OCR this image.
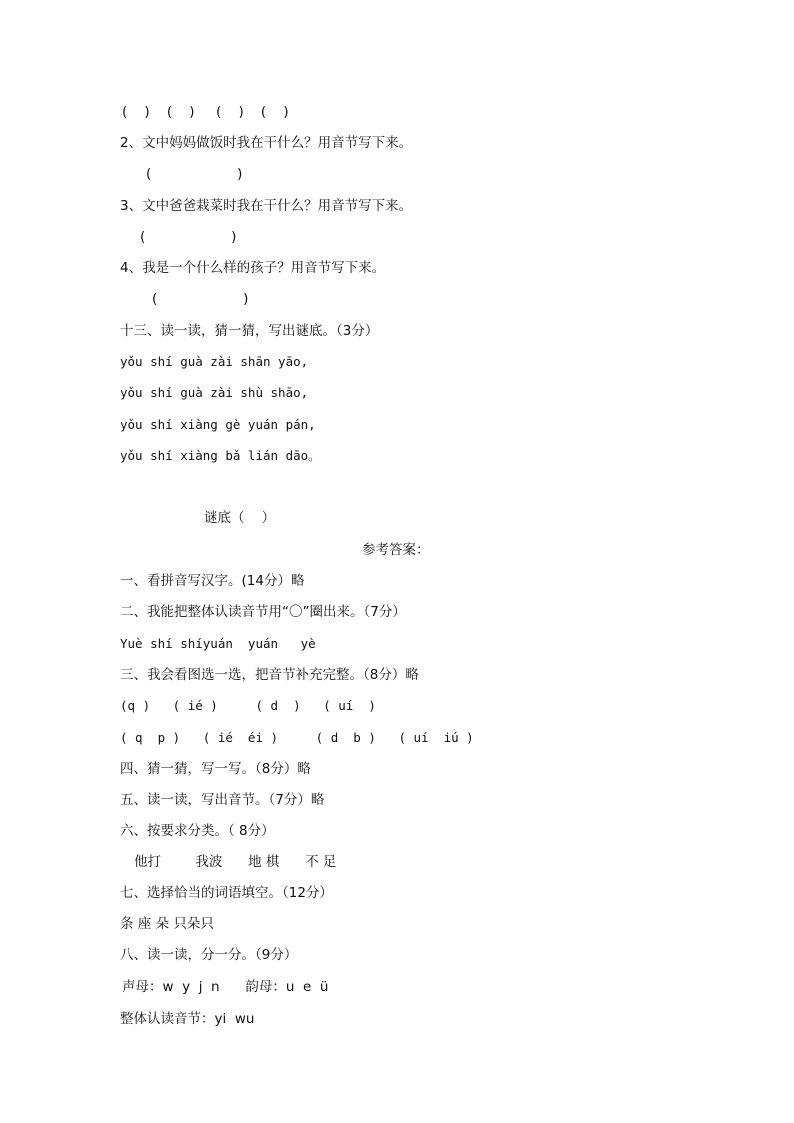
(    )    (    )     (    )    (    )
2、文中妈妈做饭时我在干什么？用音节写下来。
(                    )
3、文中爸爸栽菜时我在干什么？用音节写下来。
(                    )
4、我是一个什么样的孩子？用音节写下来。
(                    )
十三、读一读，猜一猜，写出谜底。（3分）
yǒu shí guà zài shān yāo,
yǒu shí guà zài shù shāo,
yǒu shí xiàng gè yuán pán,
yǒu shí xiàng bǎ lián dāo。
谜底（    ）
参考答案：
一、看拼音写汉字。(14分）略
二、我能把整体认读音节用“〇”圈出来。（7分）
Yuè shí shíyuán  yuán   yè
三、我会看图选一选，把音节补充完整。（8分）略
(q )   ( ié )     ( d  )   ( uí  )
( q  p )   ( ié  éi )     ( d  b )   ( uí  iú )
四、猜一猜，写一写。（8分）略
五、读一读，写出音节。（7分）略
六、按要求分类。（ 8分）
他打        我波      地 棋      不 足
七、选择恰当的词语填空。（12分）
条 座 朵 只朵只
八、读一读，分一分。（9分）
声母：w  y  j  n      韵母：u  e  ü
整体认读音节：yi  wu
